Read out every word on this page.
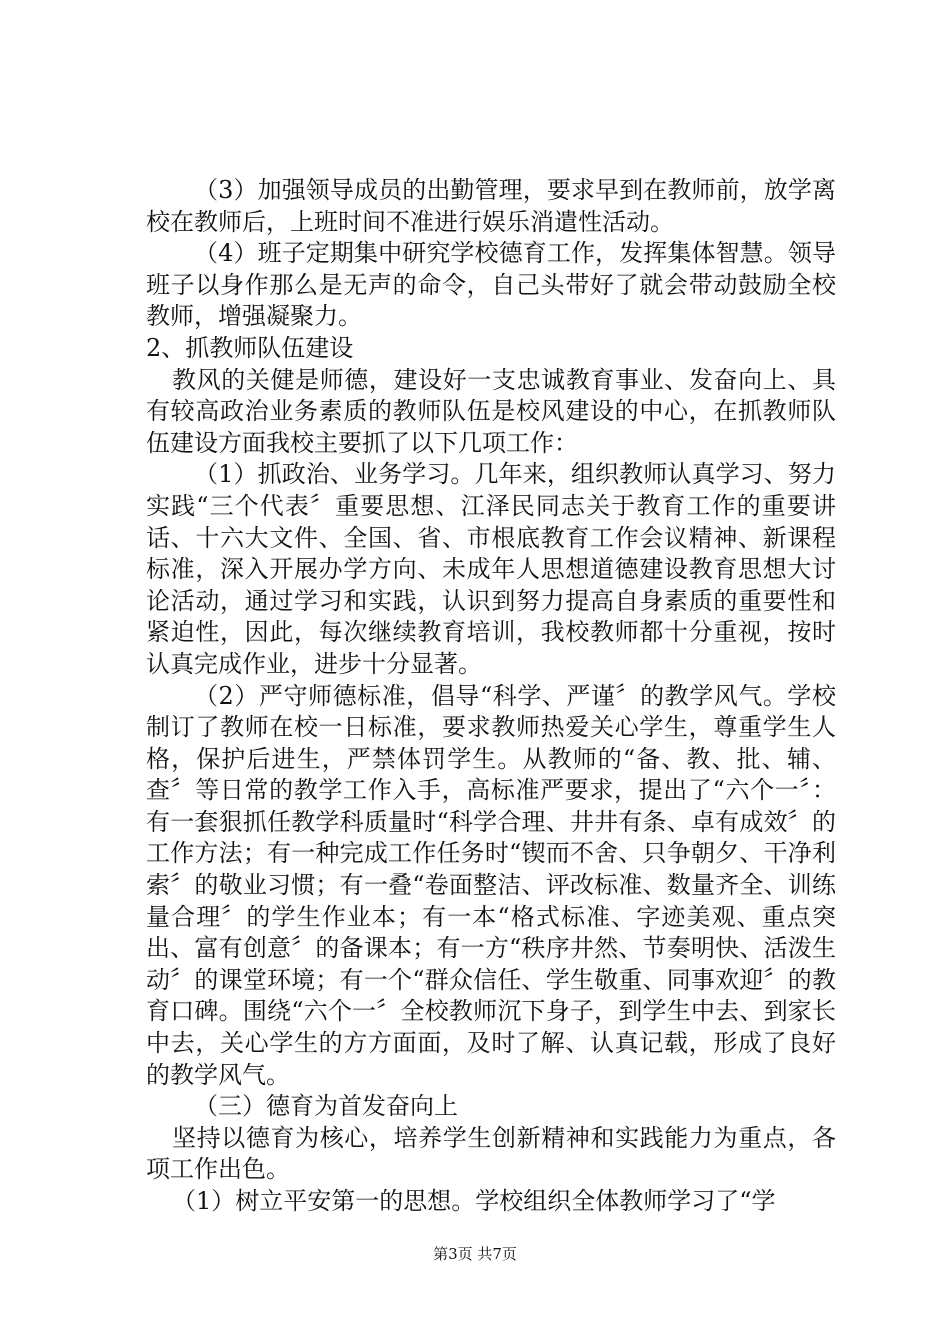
（3）加强领导成员的出勤管理，要求早到在教师前，放学离校在教师后，上班时间不准进行娱乐消遣性活动。

（4）班子定期集中研究学校德育工作，发挥集体智慧。领导班子以身作那么是无声的命令，自己头带好了就会带动鼓励全校教师，增强凝聚力。

2、抓教师队伍建设

教风的关健是师德，建设好一支忠诚教育事业、发奋向上、具有较高政治业务素质的教师队伍是校风建设的中心，在抓教师队伍建设方面我校主要抓了以下几项工作：

（1）抓政治、业务学习。几年来，组织教师认真学习、努力实践“三个代表〞重要思想、江泽民同志关于教育工作的重要讲话、十六大文件、全国、省、市根底教育工作会议精神、新课程标准，深入开展办学方向、未成年人思想道德建设教育思想大讨论活动，通过学习和实践，认识到努力提高自身素质的重要性和紧迫性，因此，每次继续教育培训，我校教师都十分重视，按时认真完成作业，进步十分显著。

（2）严守师德标准，倡导“科学、严谨〞的教学风气。学校制订了教师在校一日标准，要求教师热爱关心学生，尊重学生人格，保护后进生，严禁体罚学生。从教师的“备、教、批、辅、查〞等日常的教学工作入手，高标准严要求，提出了“六个一〞：有一套狠抓任教学科质量时“科学合理、井井有条、卓有成效〞的工作方法；有一种完成工作任务时“锲而不舍、只争朝夕、干净利索〞的敬业习惯；有一叠“卷面整洁、评改标准、数量齐全、训练量合理〞的学生作业本；有一本“格式标准、字迹美观、重点突出、富有创意〞的备课本；有一方“秩序井然、节奏明快、活泼生动〞的课堂环境；有一个“群众信任、学生敬重、同事欢迎〞的教育口碑。围绕“六个一〞全校教师沉下身子，到学生中去、到家长中去，关心学生的方方面面，及时了解、认真记载，形成了良好的教学风气。

（三）德育为首发奋向上

坚持以德育为核心，培养学生创新精神和实践能力为重点，各项工作出色。

（1）树立平安第一的思想。学校组织全体教师学习了“学

第3页 共7页
